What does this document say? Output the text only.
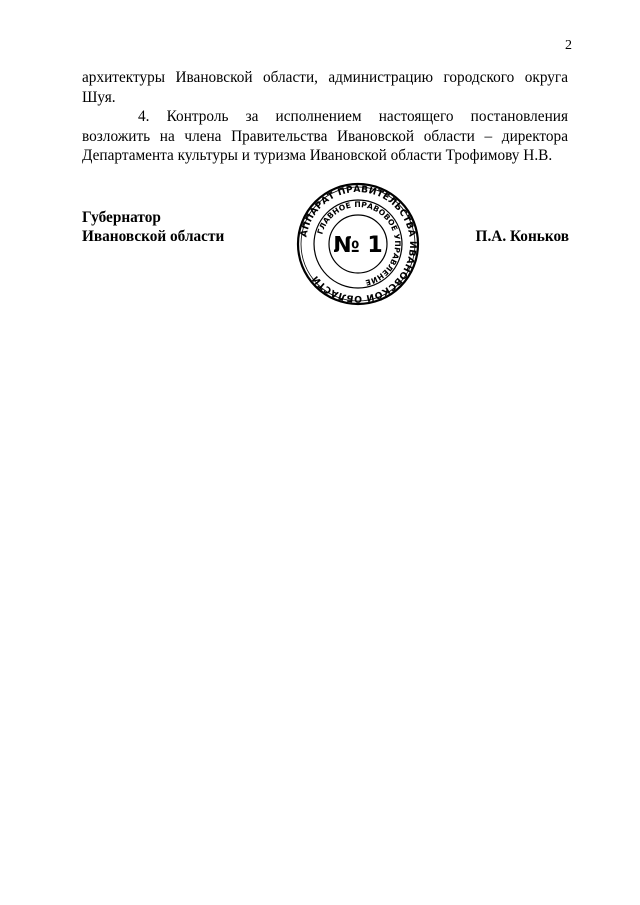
2

архитектуры Ивановской области, администрацию городского округа Шуя.

4. Контроль за исполнением настоящего постановления возложить на члена Правительства Ивановской области – директора Департамента культуры и туризма Ивановской области Трофимову Н.В.

Губернатор
Ивановской области	П.А. Коньков
АППАРАТ ПРАВИТЕЛЬСТВА ИВАНОВСКОЙ ОБЛАСТИ
ГЛАВНОЕ ПРАВОВОЕ УПРАВЛЕНИЕ
№ 1
